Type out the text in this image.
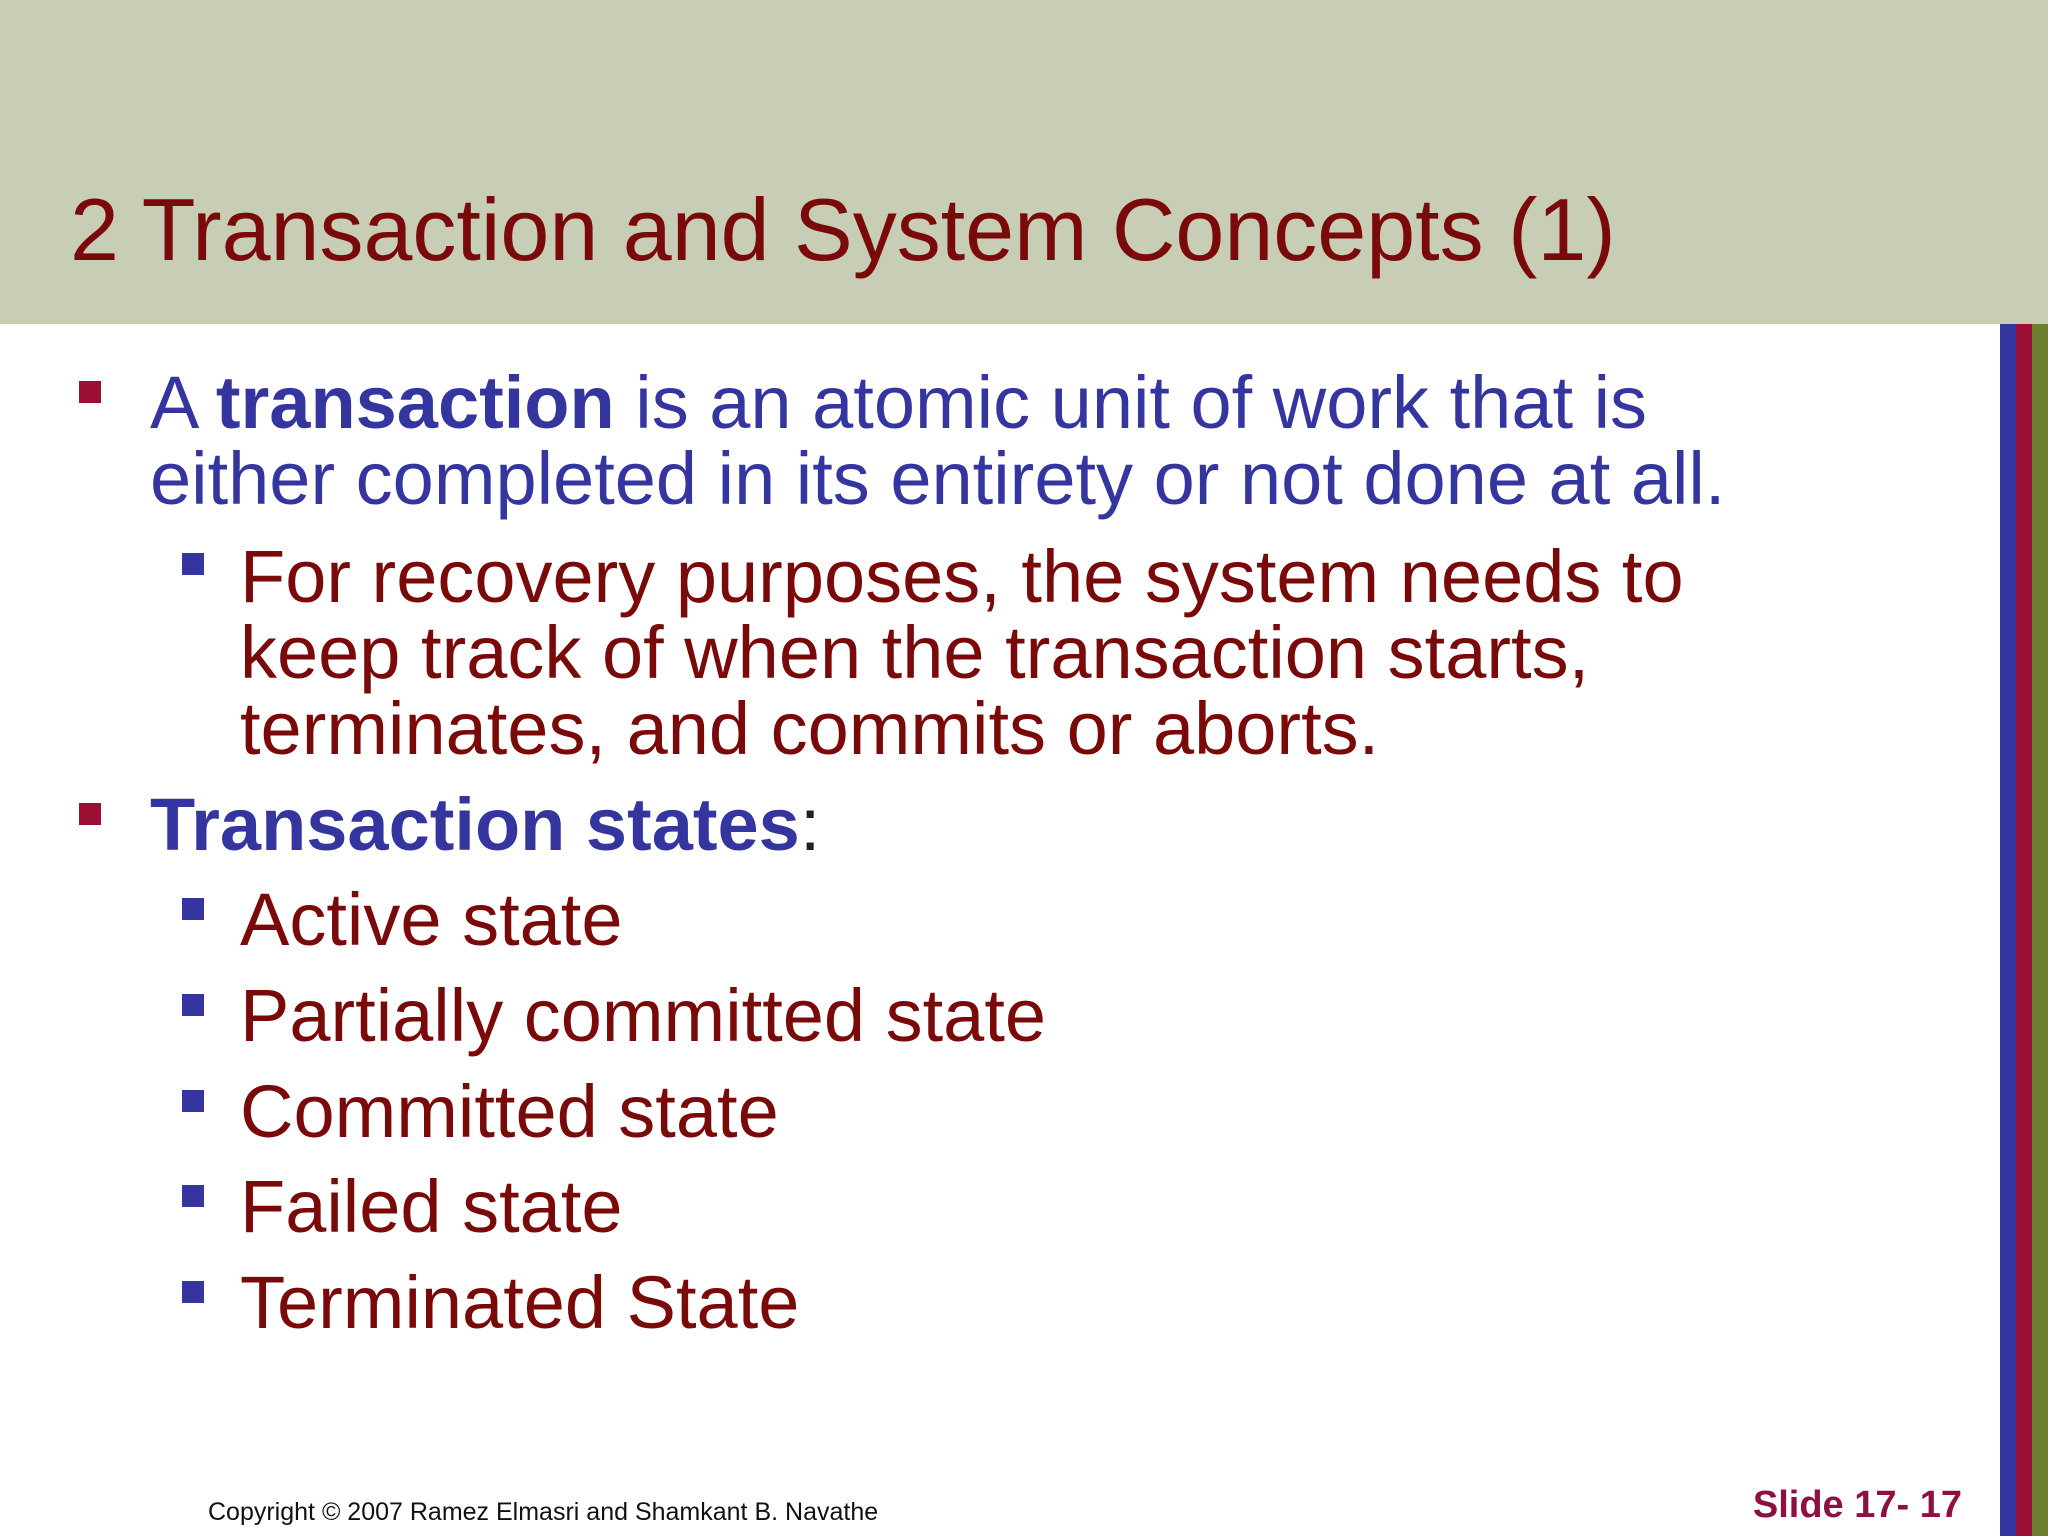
2 Transaction and System Concepts (1)

A transaction is an atomic unit of work that is
either completed in its entirety or not done at all.

For recovery purposes, the system needs to
keep track of when the transaction starts,
terminates, and commits or aborts.

Transaction states:

Active state

Partially committed state

Committed state

Failed state

Terminated State

Copyright © 2007 Ramez Elmasri and Shamkant B. Navathe	Slide 17- 17
